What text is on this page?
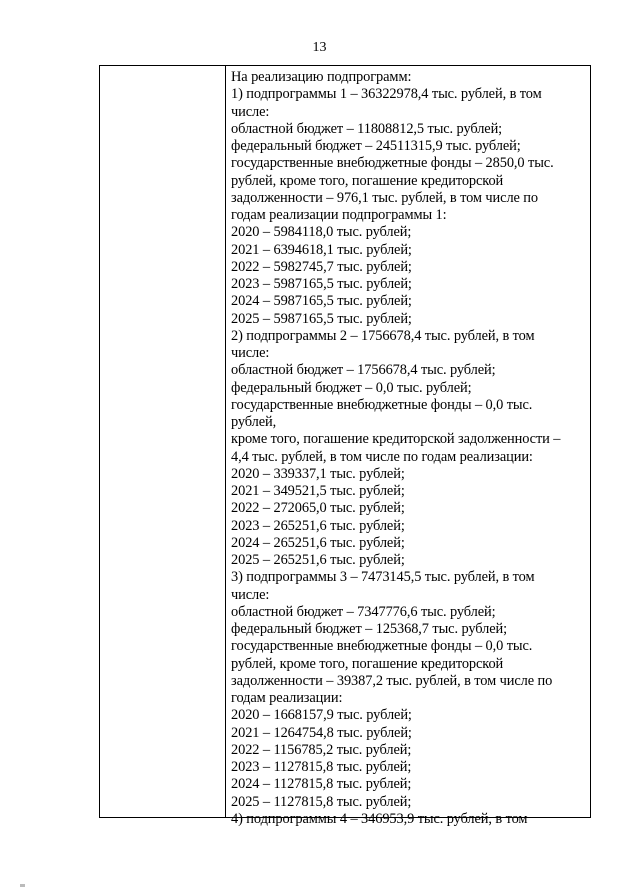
13
На реализацию подпрограмм:
1) подпрограммы 1 – 36322978,4 тыс. рублей, в том
числе:
областной бюджет – 11808812,5 тыс. рублей;
федеральный бюджет – 24511315,9 тыс. рублей;
государственные внебюджетные фонды – 2850,0 тыс.
рублей, кроме того, погашение кредиторской
задолженности – 976,1 тыс. рублей, в том числе по
годам реализации подпрограммы 1:
2020 – 5984118,0 тыс. рублей;
2021 – 6394618,1 тыс. рублей;
2022 – 5982745,7 тыс. рублей;
2023 – 5987165,5 тыс. рублей;
2024 – 5987165,5 тыс. рублей;
2025 – 5987165,5 тыс. рублей;
2) подпрограммы 2 – 1756678,4 тыс. рублей, в том
числе:
областной бюджет – 1756678,4 тыс. рублей;
федеральный бюджет – 0,0 тыс. рублей;
государственные внебюджетные фонды – 0,0 тыс.
рублей,
кроме того, погашение кредиторской задолженности –
4,4 тыс. рублей, в том числе по годам реализации:
2020 – 339337,1 тыс. рублей;
2021 – 349521,5 тыс. рублей;
2022 – 272065,0 тыс. рублей;
2023 – 265251,6 тыс. рублей;
2024 – 265251,6 тыс. рублей;
2025 – 265251,6 тыс. рублей;
3) подпрограммы 3 – 7473145,5 тыс. рублей, в том
числе:
областной бюджет – 7347776,6 тыс. рублей;
федеральный бюджет – 125368,7 тыс. рублей;
государственные внебюджетные фонды – 0,0 тыс.
рублей, кроме того, погашение кредиторской
задолженности – 39387,2 тыс. рублей, в том числе по
годам реализации:
2020 – 1668157,9 тыс. рублей;
2021 – 1264754,8 тыс. рублей;
2022 – 1156785,2 тыс. рублей;
2023 – 1127815,8 тыс. рублей;
2024 – 1127815,8 тыс. рублей;
2025 – 1127815,8 тыс. рублей;
4) подпрограммы 4 – 346953,9 тыс. рублей, в том
